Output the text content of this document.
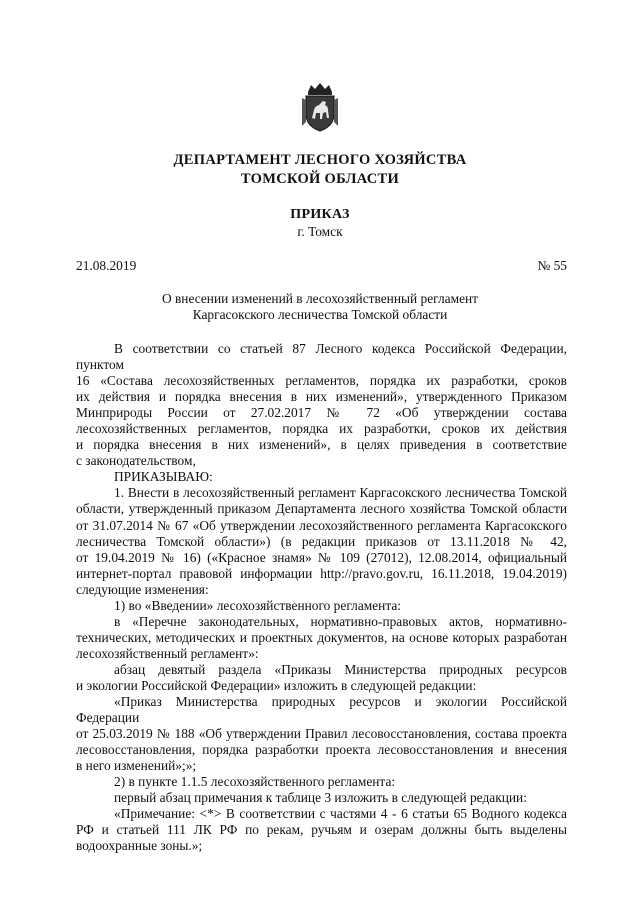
ДЕПАРТАМЕНТ ЛЕСНОГО ХОЗЯЙСТВА
ТОМСКОЙ ОБЛАСТИ
ПРИКАЗ
г. Томск
21.08.2019	№ 55
О внесении изменений в лесохозяйственный регламент
Каргасокского лесничества Томской области

В соответствии со статьей 87 Лесного кодекса Российской Федерации, пунктом

16 «Состава лесохозяйственных регламентов, порядка их разработки, сроков

их действия и порядка внесения в них изменений», утвержденного Приказом

Минприроды России от 27.02.2017 № 72 «Об утверждении состава

лесохозяйственных регламентов, порядка их разработки, сроков их действия

и порядка внесения в них изменений», в целях приведения в соответствие

с законодательством,

ПРИКАЗЫВАЮ:

1. Внести в лесохозяйственный регламент Каргасокского лесничества Томской

области, утвержденный приказом Департамента лесного хозяйства Томской области

от 31.07.2014 № 67 «Об утверждении лесохозяйственного регламента Каргасокского

лесничества Томской области») (в редакции приказов от 13.11.2018 № 42,

от 19.04.2019 № 16) («Красное знамя» № 109 (27012), 12.08.2014, официальный

интернет-портал правовой информации http://pravo.gov.ru, 16.11.2018, 19.04.2019)

следующие изменения:

1) во «Введении» лесохозяйственного регламента:

в «Перечне законодательных, нормативно-правовых актов, нормативно-

технических, методических и проектных документов, на основе которых разработан

лесохозяйственный регламент»:

абзац девятый раздела «Приказы Министерства природных ресурсов

и экологии Российской Федерации» изложить в следующей редакции:

«Приказ Министерства природных ресурсов и экологии Российской Федерации

от 25.03.2019 № 188 «Об утверждении Правил лесовосстановления, состава проекта

лесовосстановления, порядка разработки проекта лесовосстановления и внесения

в него изменений»;»;

2) в пункте 1.1.5 лесохозяйственного регламента:

первый абзац примечания к таблице 3 изложить в следующей редакции:

«Примечание: <*> В соответствии с частями 4 - 6 статьи 65 Водного кодекса

РФ и статьей 111 ЛК РФ по рекам, ручьям и озерам должны быть выделены

водоохранные зоны.»;
